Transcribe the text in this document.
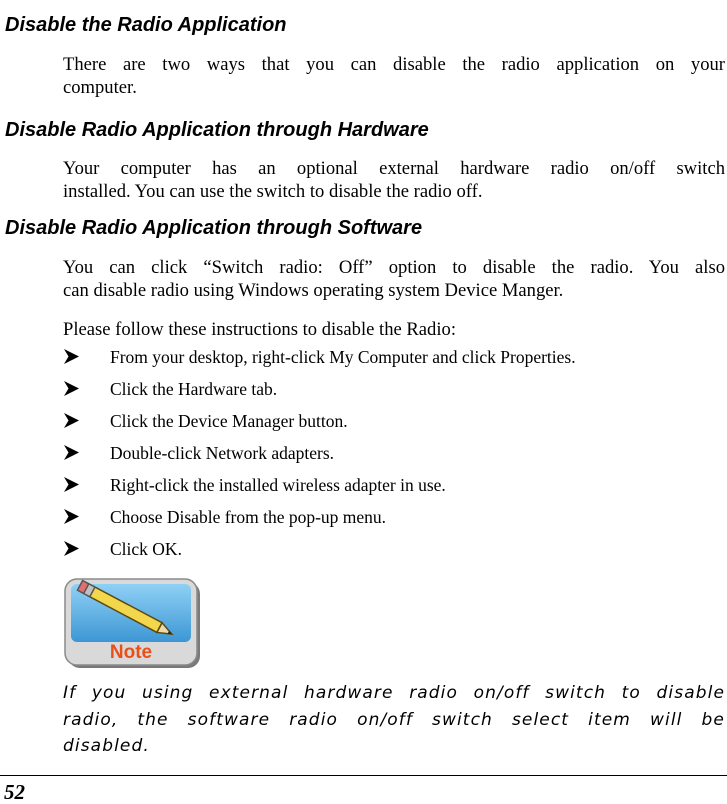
Disable the Radio Application
There are two ways that you can disable the radio application on your
computer.
Disable Radio Application through Hardware
Your computer has an optional external hardware radio on/off switch
installed. You can use the switch to disable the radio off.
Disable Radio Application through Software
You can click “Switch radio: Off” option to disable the radio. You also
can disable radio using Windows operating system Device Manger.
Please follow these instructions to disable the Radio:
From your desktop, right-click My Computer and click Properties.
Click the Hardware tab.
Click the Device Manager button.
Double-click Network adapters.
Right-click the installed wireless adapter in use.
Choose Disable from the pop-up menu.
Click OK.
Note
If you using external hardware radio on/off switch to disable
radio, the software radio on/off switch select item will be
disabled.
52
